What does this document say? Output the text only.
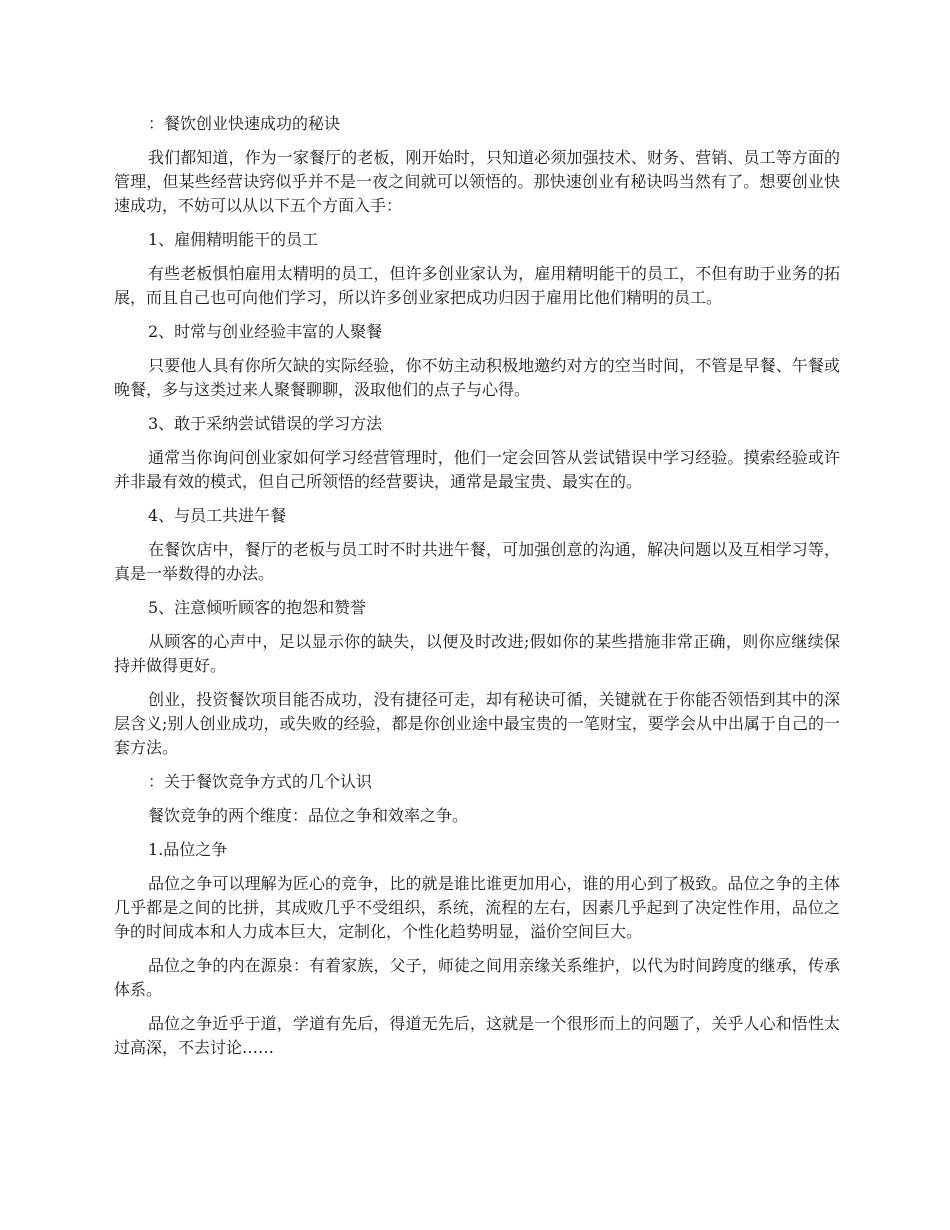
：餐饮创业快速成功的秘诀

我们都知道，作为一家餐厅的老板，刚开始时，只知道必须加强技术、财务、营销、员工等方面的管理，但某些经营诀窍似乎并不是一夜之间就可以领悟的。那快速创业有秘诀吗当然有了。想要创业快速成功，不妨可以从以下五个方面入手：

1、雇佣精明能干的员工

有些老板惧怕雇用太精明的员工，但许多创业家认为，雇用精明能干的员工，不但有助于业务的拓展，而且自己也可向他们学习，所以许多创业家把成功归因于雇用比他们精明的员工。

2、时常与创业经验丰富的人聚餐

只要他人具有你所欠缺的实际经验，你不妨主动积极地邀约对方的空当时间，不管是早餐、午餐或晚餐，多与这类过来人聚餐聊聊，汲取他们的点子与心得。

3、敢于采纳尝试错误的学习方法

通常当你询问创业家如何学习经营管理时，他们一定会回答从尝试错误中学习经验。摸索经验或许并非最有效的模式，但自己所领悟的经营要诀，通常是最宝贵、最实在的。

4、与员工共进午餐

在餐饮店中，餐厅的老板与员工时不时共进午餐，可加强创意的沟通，解决问题以及互相学习等，真是一举数得的办法。

5、注意倾听顾客的抱怨和赞誉

从顾客的心声中，足以显示你的缺失，以便及时改进;假如你的某些措施非常正确，则你应继续保持并做得更好。

创业，投资餐饮项目能否成功，没有捷径可走，却有秘诀可循，关键就在于你能否领悟到其中的深层含义;别人创业成功，或失败的经验，都是你创业途中最宝贵的一笔财宝，要学会从中出属于自己的一套方法。

：关于餐饮竞争方式的几个认识

餐饮竞争的两个维度：品位之争和效率之争。

1.品位之争

品位之争可以理解为匠心的竞争，比的就是谁比谁更加用心，谁的用心到了极致。品位之争的主体几乎都是之间的比拼，其成败几乎不受组织，系统，流程的左右，因素几乎起到了决定性作用，品位之争的时间成本和人力成本巨大，定制化，个性化趋势明显，溢价空间巨大。

品位之争的内在源泉：有着家族，父子，师徒之间用亲缘关系维护，以代为时间跨度的继承，传承体系。

品位之争近乎于道，学道有先后，得道无先后，这就是一个很形而上的问题了，关乎人心和悟性太过高深，不去讨论……
